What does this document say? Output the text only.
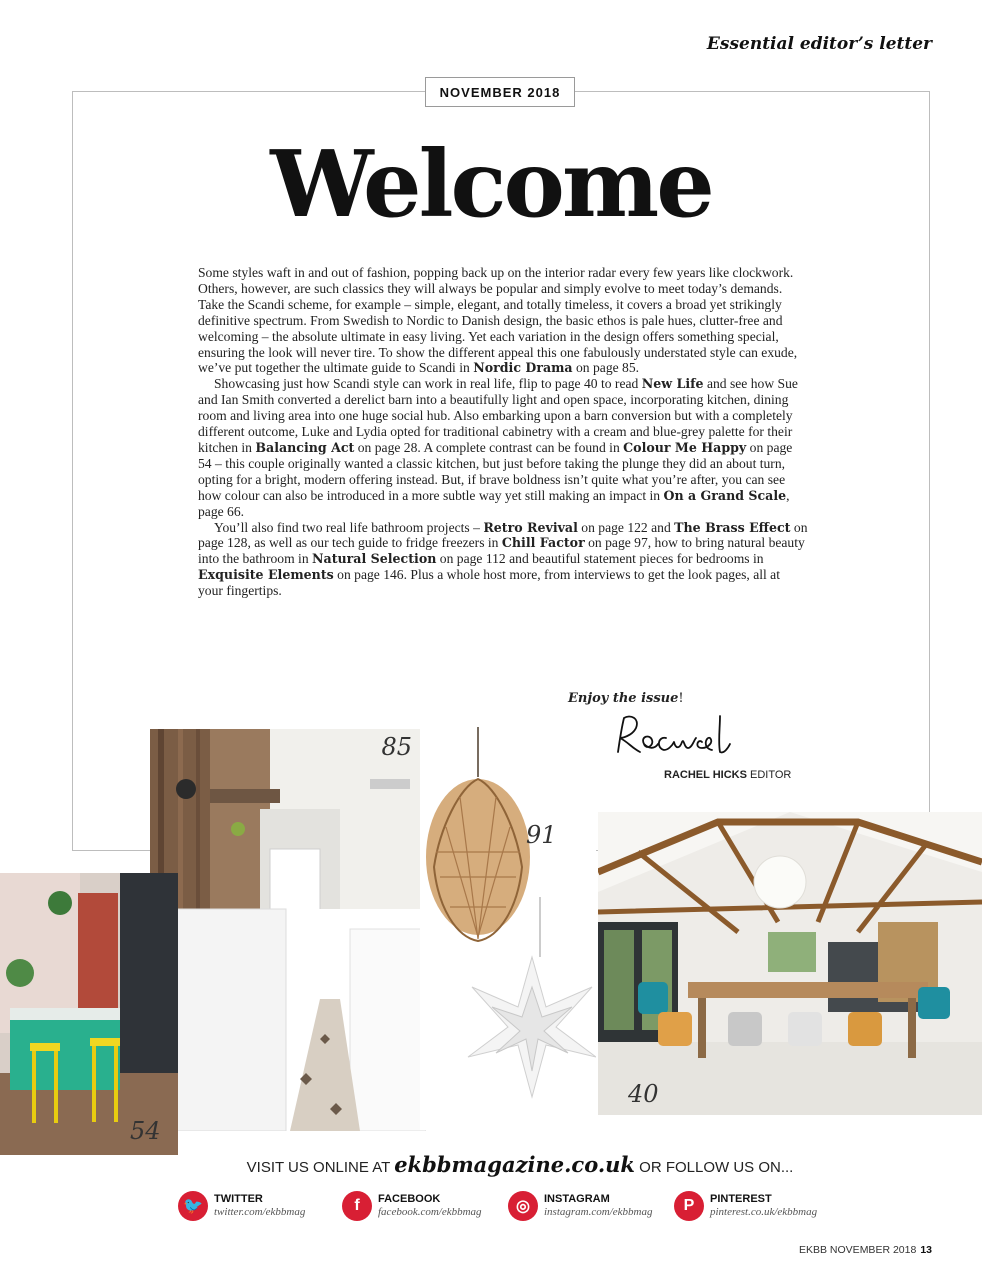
Essential editor’s letter
NOVEMBER 2018
Welcome

Some styles waft in and out of fashion, popping back up on the interior radar every few years like clockwork. Others, however, are such classics they will always be popular and simply evolve to meet today’s demands. Take the Scandi scheme, for example – simple, elegant, and totally timeless, it covers a broad yet strikingly definitive spectrum. From Swedish to Nordic to Danish design, the basic ethos is pale hues, clutter-free and welcoming – the absolute ultimate in easy living. Yet each variation in the design offers something special, ensuring the look will never tire. To show the different appeal this one fabulously understated style can exude, we’ve put together the ultimate guide to Scandi in Nordic Drama on page 85.

Showcasing just how Scandi style can work in real life, flip to page 40 to read New Life and see how Sue and Ian Smith converted a derelict barn into a beautifully light and open space, incorporating kitchen, dining room and living area into one huge social hub. Also embarking upon a barn conversion but with a completely different outcome, Luke and Lydia opted for traditional cabinetry with a cream and blue-grey palette for their kitchen in Balancing Act on page 28. A complete contrast can be found in Colour Me Happy on page 54 – this couple originally wanted a classic kitchen, but just before taking the plunge they did an about turn, opting for a bright, modern offering instead. But, if brave boldness isn’t quite what you’re after, you can see how colour can also be introduced in a more subtle way yet still making an impact in On a Grand Scale, page 66.

You’ll also find two real life bathroom projects – Retro Revival on page 122 and The Brass Effect on page 128, as well as our tech guide to fridge freezers in Chill Factor on page 97, how to bring natural beauty into the bathroom in Natural Selection on page 112 and beautiful statement pieces for bedrooms in Exquisite Elements on page 146. Plus a whole host more, from interviews to get the look pages, all at your fingertips.

Enjoy the issue!
RACHEL HICKS EDITOR
85
54
91
40
VISIT US ONLINE AT ekbbmagazine.co.uk OR FOLLOW US ON...
🐦	TWITTER
twitter.com/ekbbmag	f	FACEBOOK
facebook.com/ekbbmag	◎	INSTAGRAM
instagram.com/ekbbmag	P	PINTEREST
pinterest.co.uk/ekbbmag
EKBB NOVEMBER 2018 13
